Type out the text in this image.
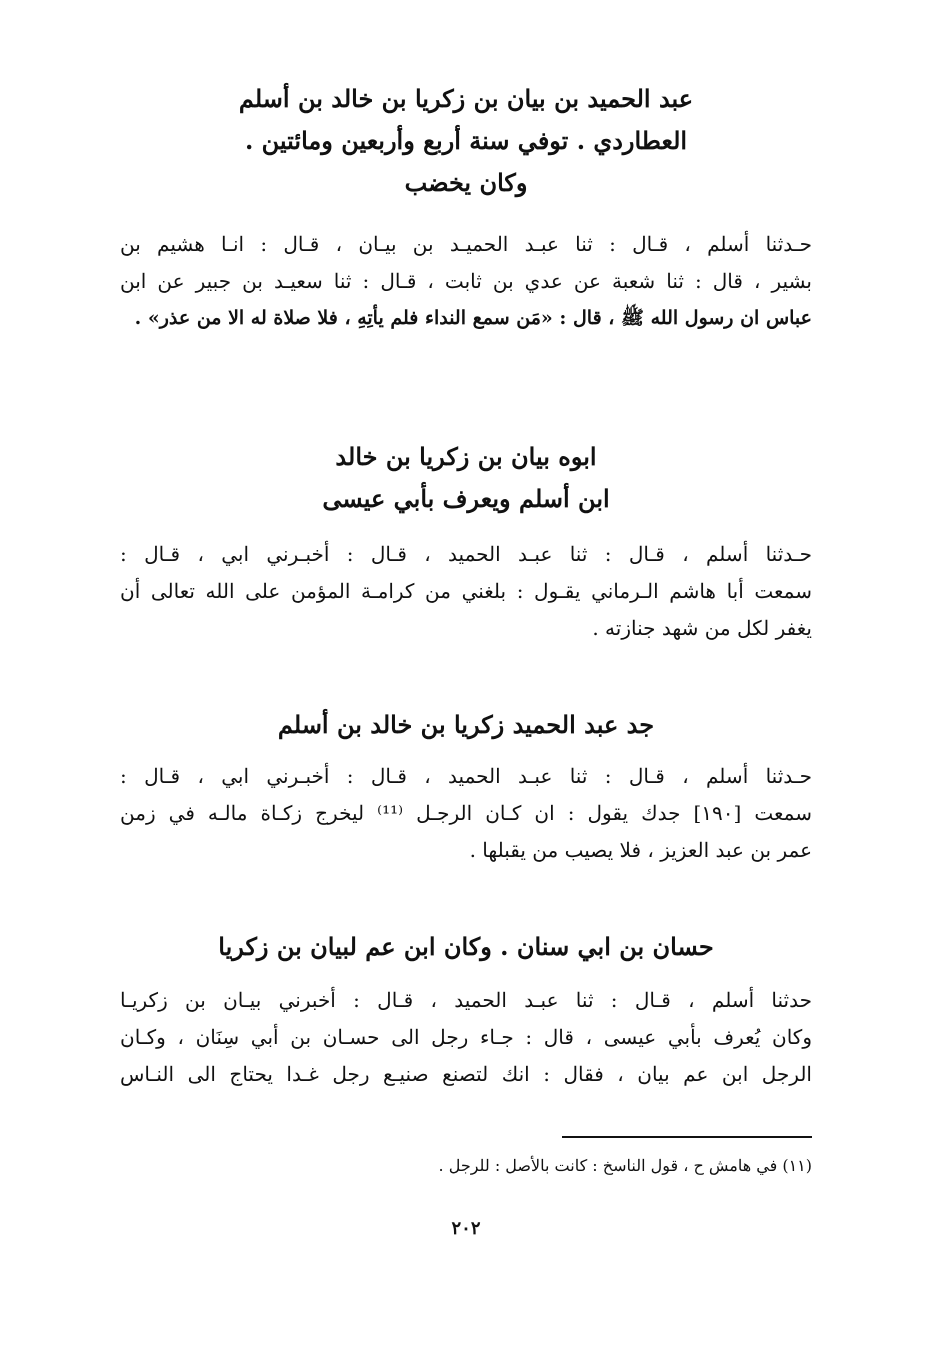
عبد الحميد بن بيان بن زكريا بن خالد بن أسلم
العطاردي . توفي سنة أربع وأربعين ومائتين .
وكان يخضب
حـدثنا أسلم ، قـال : ثنا عبـد الحميـد بن بيـان ، قـال : انـا هشيم بن
بشير ، قال : ثنا شعبة عن عدي بن ثابت ، قـال : ثنا سعيـد بن جبير عن ابن
عباس ان رسول الله ﷺ ، قال : «مَن سمع النداء فلم يأتِهِ ، فلا صلاة له الا من عذر» .
ابوه بيان بن زكريا بن خالد
ابن أسلم ويعرف بأبي عيسى
حـدثنا أسلم ، قـال : ثنا عبـد الحميد ، قـال : أخبـرني ابي ، قـال :
سمعت أبا هاشم الـرماني يقـول : بلغني من كرامـة المؤمن على الله تعالى أن
يغفر لكل من شهد جنازته .
جد عبد الحميد زكريا بن خالد بن أسلم
حـدثنا أسلم ، قـال : ثنا عبـد الحميد ، قـال : أخبـرني ابي ، قـال :
سمعت [١٩٠] جدك يقول : ان كـان الرجـل ⁽¹¹⁾ ليخرج زكـاة مالـه في زمن
عمر بن عبد العزيز ، فلا يصيب من يقبلها .
حسان بن ابي سنان . وكان ابن عم لبيان بن زكريا
حدثنا أسلم ، قـال : ثنا عبـد الحميد ، قـال : أخبرني بيـان بن زكريـا
وكان يُعرف بأبي عيسى ، قال : جـاء رجل الى حسـان بن أبي سِنَان ، وكـان
الرجل ابن عم بيان ، فقال : انك لتصنع صنيـع رجل غـدا يحتاج الى النـاس
(١١) في هامش ح ، قول الناسخ : كانت بالأصل : للرجل .
٢٠٢
